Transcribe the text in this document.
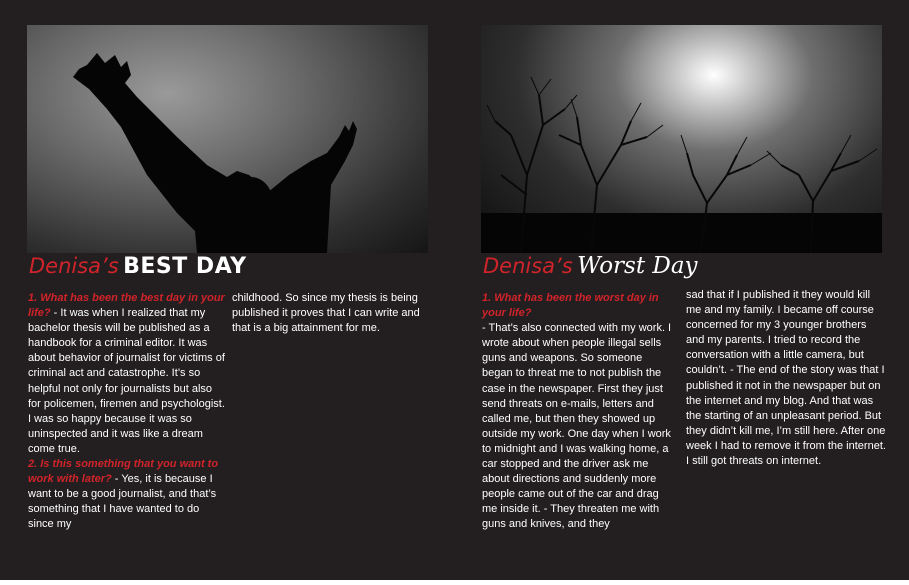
Denisa’s BEST DAY	Denisa’s Worst Day
1. What has been the best day in your life? - It was when I realized that my bachelor thesis will be published as a handbook for a criminal editor. It was about behavior of journalist for victims of criminal act and catastrophe. It’s so helpful not only for journalists but also for policemen, firemen and psychologist. I was so happy because it was so uninspected and it was like a dream come true.
2. Is this something that you want to work with later? - Yes, it is because I want to be a good journalist, and that’s something that I have wanted to do since my
childhood. So since my thesis is being published it proves that I can write and that is a big attainment for me.
1. What has been the worst day in your life?
- That’s also connected with my work. I wrote about when people illegal sells guns and weapons. So someone began to threat me to not publish the case in the newspaper. First they just send threats on e-mails, letters and called me, but then they showed up outside my work. One day when I work to midnight and I was walking home, a car stopped and the driver ask me about directions and suddenly more people came out of the car and drag me inside it. - They threaten me with guns and knives, and they
sad that if I published it they would kill me and my family. I became off course concerned for my 3 younger brothers and my parents. I tried to record the conversation with a little camera, but couldn’t. - The end of the story was that I published it not in the newspaper but on the internet and my blog. And that was the starting of an unpleasant period. But they didn’t kill me, I’m still here. After one week I had to remove it from the internet. I still got threats on internet.
